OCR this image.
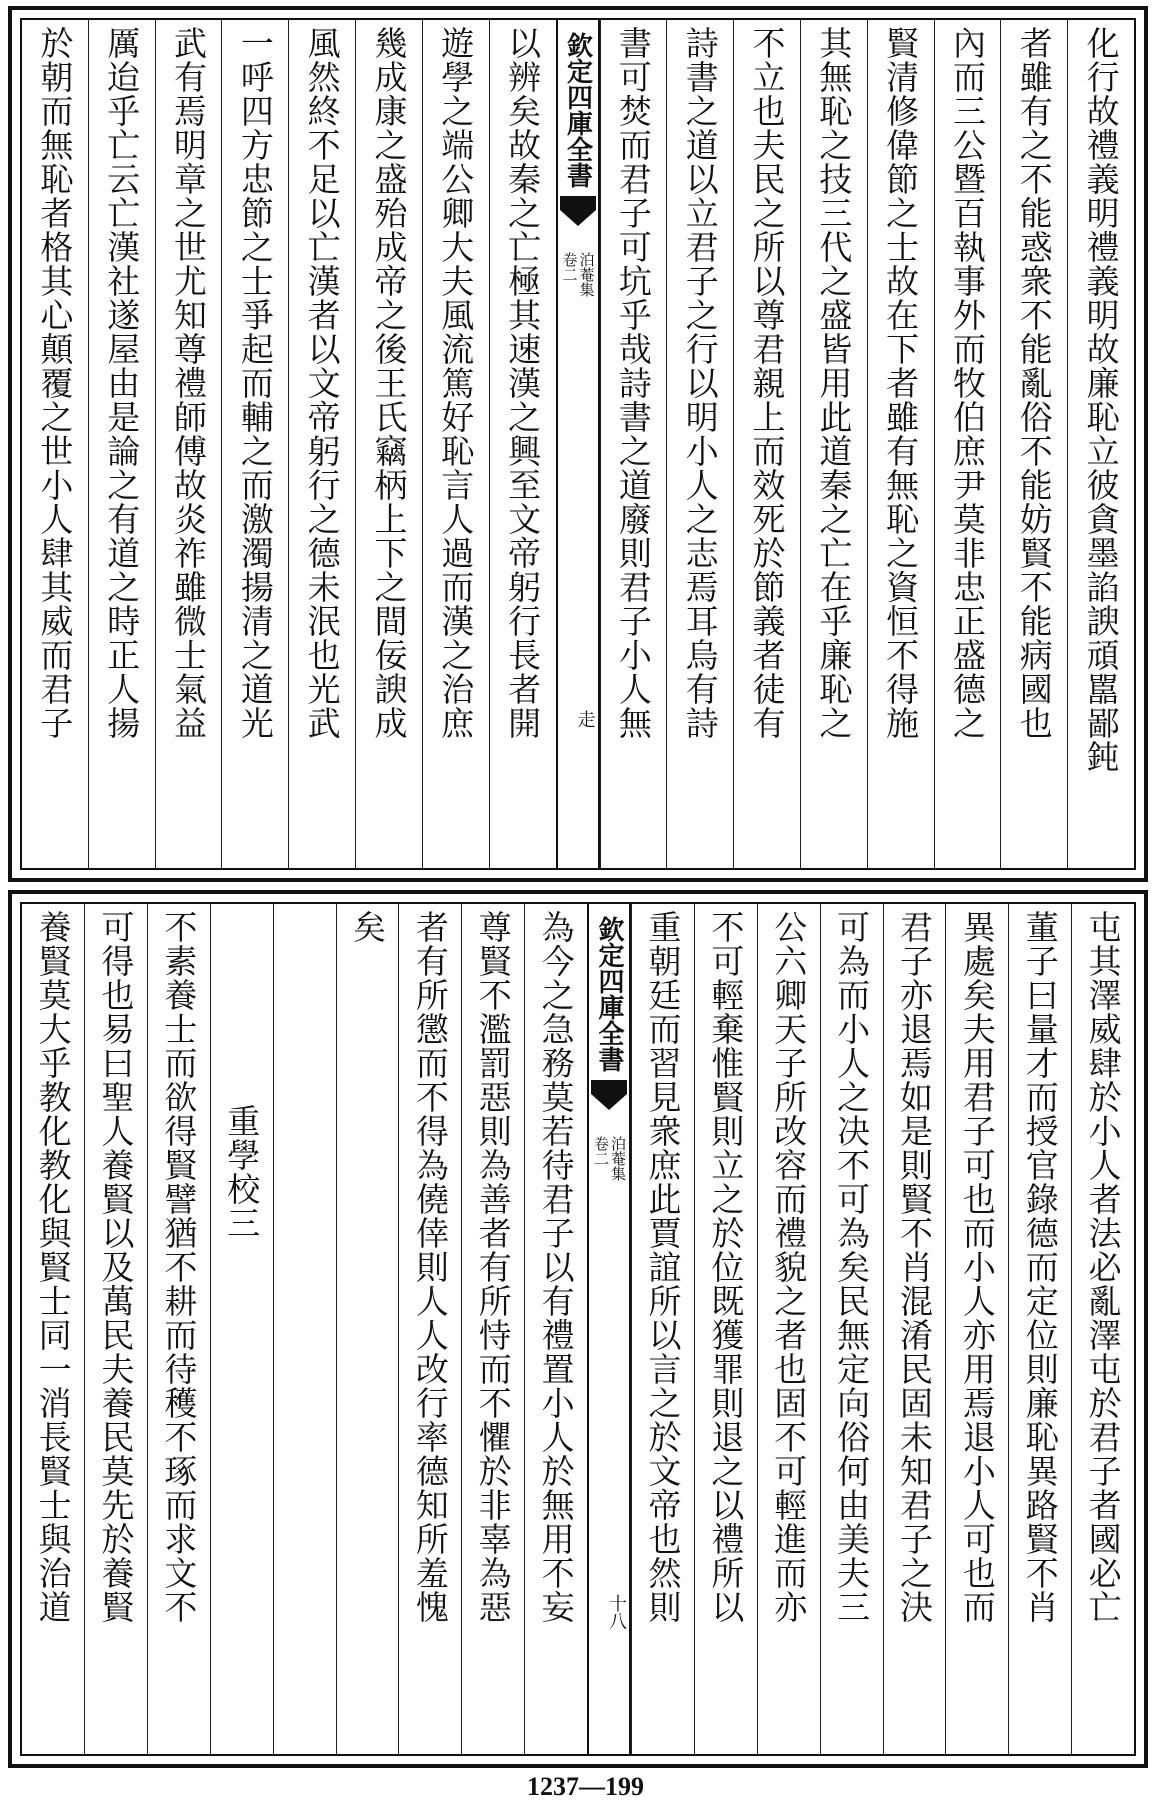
化行故禮義明禮義明故廉恥立彼貪墨諂諛頑嚚鄙鈍
者雖有之不能惑衆不能亂俗不能妨賢不能病國也
內而三公暨百執事外而牧伯庶尹莫非忠正盛德之
賢清修偉節之士故在下者雖有無恥之資恒不得施
其無恥之技三代之盛皆用此道秦之亡在乎廉恥之
不立也夫民之所以尊君親上而效死於節義者徒有
詩書之道以立君子之行以明小人之志焉耳烏有詩
書可焚而君子可坑乎哉詩書之道廢則君子小人無
欽定四庫全書
泊菴集
卷二
走
以辨矣故秦之亡極其速漢之興至文帝躬行長者開
遊學之端公卿大夫風流篤好恥言人過而漢之治庶
幾成康之盛殆成帝之後王氏竊柄上下之間佞諛成
風然終不足以亡漢者以文帝躬行之德未泯也光武
一呼四方忠節之士爭起而輔之而激濁揚清之道光
武有焉明章之世尤知尊禮師傅故炎祚雖微士氣益
厲迨乎亡云亡漢社遂屋由是論之有道之時正人揚
於朝而無恥者格其心顛覆之世小人肆其威而君子
屯其澤威肆於小人者法必亂澤屯於君子者國必亡
董子曰量才而授官錄德而定位則廉恥異路賢不肖
異處矣夫用君子可也而小人亦用焉退小人可也而
君子亦退焉如是則賢不肖混淆民固未知君子之決
可為而小人之决不可為矣民無定向俗何由美夫三
公六卿天子所改容而禮貌之者也固不可輕進而亦
不可輕棄惟賢則立之於位既獲罪則退之以禮所以
重朝廷而習見衆庶此賈誼所以言之於文帝也然則
欽定四庫全書
泊菴集
卷二
十八
為今之急務莫若待君子以有禮置小人於無用不妄
尊賢不濫罰惡則為善者有所恃而不懼於非辜為惡
者有所懲而不得為僥倖則人人改行率德知所羞愧
矣
重學校三
不素養士而欲得賢譬猶不耕而待穫不琢而求文不
可得也易曰聖人養賢以及萬民夫養民莫先於養賢
養賢莫大乎教化教化與賢士同一消長賢士與治道
1237—199
